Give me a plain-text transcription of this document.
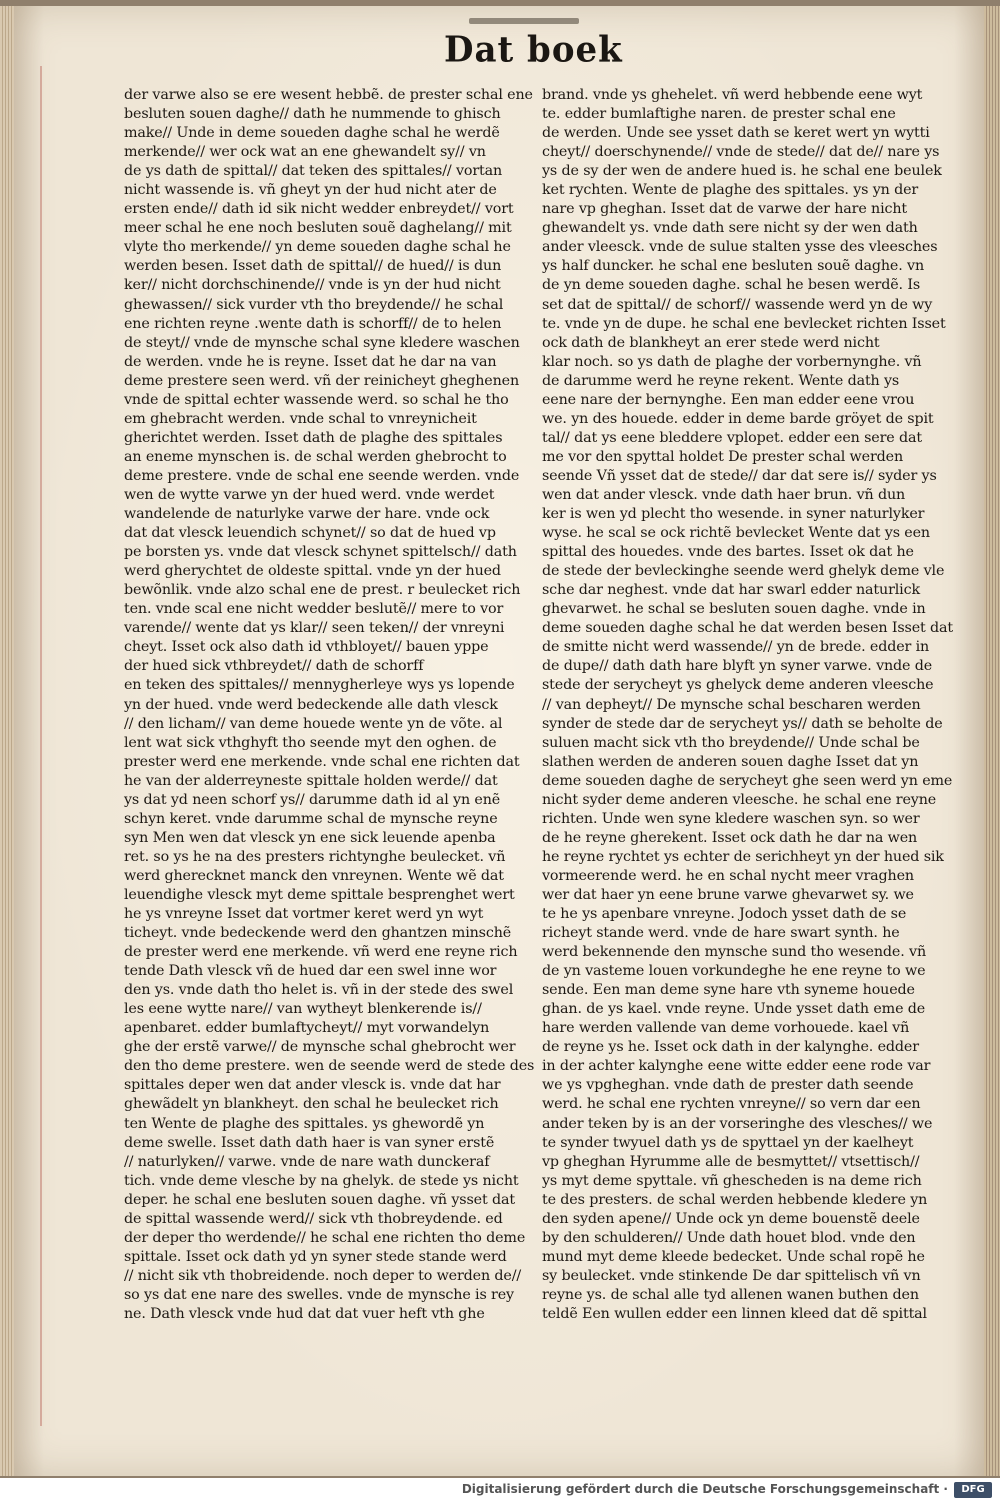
Dat boek
der varwe also se ere wesent hebbẽ. de prester schal ene
besluten souen daghe// dath he nummende to ghisch
make// Unde in deme soueden daghe schal he werdẽ
merkende// wer ock wat an ene ghewandelt sy// vn
de ys dath de spittal// dat teken des spittales// vortan
nicht wassende is. vñ gheyt yn der hud nicht ater de
ersten ende// dath id sik nicht wedder enbreydet// vort
meer schal he ene noch besluten souẽ daghelang// mit
vlyte tho merkende// yn deme soueden daghe schal he
werden besen. Isset dath de spittal// de hued// is dun
ker// nicht dorchschinende// vnde is yn der hud nicht
ghewassen// sick vurder vth tho breydende// he schal
ene richten reyne .wente dath is schorff// de to helen
de steyt// vnde de mynsche schal syne kledere waschen
de werden. vnde he is reyne. Isset dat he dar na van
deme prestere seen werd. vñ der reinicheyt gheghenen
vnde de spittal echter wassende werd. so schal he tho
em ghebracht werden. vnde schal to vnreynicheit
gherichtet werden. Isset dath de plaghe des spittales
an eneme mynschen is. de schal werden ghebrocht to
deme prestere. vnde de schal ene seende werden. vnde
wen de wytte varwe yn der hued werd. vnde werdet
wandelende de naturlyke varwe der hare. vnde ock
dat dat vlesck leuendich schynet// so dat de hued vp
pe borsten ys. vnde dat vlesck schynet spittelsch// dath
werd gherychtet de oldeste spittal. vnde yn der hued
bewõnlik. vnde alzo schal ene de prest. r beulecket rich
ten. vnde scal ene nicht wedder beslutẽ// mere to vor
varende// wente dat ys klar// seen teken// der vnreyni
cheyt. Isset ock also dath id vthbloyet// bauen yppe
der hued sick vthbreydet// dath de schorff
en teken des spittales// mennygherleye wys ys lopende
yn der hued. vnde werd bedeckende alle dath vlesck
// den licham// van deme houede wente yn de võte. al
lent wat sick vthghyft tho seende myt den oghen. de
prester werd ene merkende. vnde schal ene richten dat
he van der alderreyneste spittale holden werde// dat
ys dat yd neen schorf ys// darumme dath id al yn enẽ
schyn keret. vnde darumme schal de mynsche reyne
syn Men wen dat vlesck yn ene sick leuende apenba
ret. so ys he na des presters richtynghe beulecket. vñ
werd gherecknet manck den vnreynen. Wente wẽ dat
leuendighe vlesck myt deme spittale besprenghet wert
he ys vnreyne Isset dat vortmer keret werd yn wyt
ticheyt. vnde bedeckende werd den ghantzen minschẽ
de prester werd ene merkende. vñ werd ene reyne rich
tende Dath vlesck vñ de hued dar een swel inne wor
den ys. vnde dath tho helet is. vñ in der stede des swel
les eene wytte nare// van wytheyt blenkerende is//
apenbaret. edder bumlaftycheyt// myt vorwandelyn
ghe der erstẽ varwe// de mynsche schal ghebrocht wer
den tho deme prestere. wen de seende werd de stede des
spittales deper wen dat ander vlesck is. vnde dat har
ghewãdelt yn blankheyt. den schal he beulecket rich
ten Wente de plaghe des spittales. ys ghewordẽ yn
deme swelle. Isset dath dath haer is van syner erstẽ
// naturlyken// varwe. vnde de nare wath dunckeraf
tich. vnde deme vlesche by na ghelyk. de stede ys nicht
deper. he schal ene besluten souen daghe. vñ ysset dat
de spittal wassende werd// sick vth thobreydende. ed
der deper tho werdende// he schal ene richten tho deme
spittale. Isset ock dath yd yn syner stede stande werd
// nicht sik vth thobreidende. noch deper to werden de//
so ys dat ene nare des swelles. vnde de mynsche is rey
ne. Dath vlesck vnde hud dat dat vuer heft vth ghe
brand. vnde ys ghehelet. vñ werd hebbende eene wyt
te. edder bumlaftighe naren. de prester schal ene
de werden. Unde see ysset dath se keret wert yn wytti
cheyt// doerschynende// vnde de stede// dat de// nare ys
ys de sy der wen de andere hued is. he schal ene beulek
ket rychten. Wente de plaghe des spittales. ys yn der
nare vp gheghan. Isset dat de varwe der hare nicht
ghewandelt ys. vnde dath sere nicht sy der wen dath
ander vleesck. vnde de sulue stalten ysse des vleesches
ys half duncker. he schal ene besluten souẽ daghe. vn
de yn deme soueden daghe. schal he besen werdẽ. Is
set dat de spittal// de schorf// wassende werd yn de wy
te. vnde yn de dupe. he schal ene bevlecket richten Isset
ock dath de blankheyt an erer stede werd nicht
klar noch. so ys dath de plaghe der vorbernynghe. vñ
de darumme werd he reyne rekent. Wente dath ys
eene nare der bernynghe. Een man edder eene vrou
we. yn des houede. edder in deme barde gröyet de spit
tal// dat ys eene bleddere vplopet. edder een sere dat
me vor den spyttal holdet De prester schal werden
seende Vñ ysset dat de stede// dar dat sere is// syder ys
wen dat ander vlesck. vnde dath haer brun. vñ dun
ker is wen yd plecht tho wesende. in syner naturlyker
wyse. he scal se ock richtẽ bevlecket Wente dat ys een
spittal des houedes. vnde des bartes. Isset ok dat he
de stede der bevleckinghe seende werd ghelyk deme vle
sche dar neghest. vnde dat har swarl edder naturlick
ghevarwet. he schal se besluten souen daghe. vnde in
deme soueden daghe schal he dat werden besen Isset dat
de smitte nicht werd wassende// yn de brede. edder in
de dupe// dath dath hare blyft yn syner varwe. vnde de
stede der serycheyt ys ghelyck deme anderen vleesche
// van depheyt// De mynsche schal bescharen werden
synder de stede dar de serycheyt ys// dath se beholte de
suluen macht sick vth tho breydende// Unde schal be
slathen werden de anderen souen daghe Isset dat yn
deme soueden daghe de serycheyt ghe seen werd yn eme
nicht syder deme anderen vleesche. he schal ene reyne
richten. Unde wen syne kledere waschen syn. so wer
de he reyne gherekent. Isset ock dath he dar na wen
he reyne rychtet ys echter de serichheyt yn der hued sik
vormeerende werd. he en schal nycht meer vraghen
wer dat haer yn eene brune varwe ghevarwet sy. we
te he ys apenbare vnreyne. Jodoch ysset dath de se
richeyt stande werd. vnde de hare swart synth. he
werd bekennende den mynsche sund tho wesende. vñ
de yn vasteme louen vorkundeghe he ene reyne to we
sende. Een man deme syne hare vth syneme houede
ghan. de ys kael. vnde reyne. Unde ysset dath eme de
hare werden vallende van deme vorhouede. kael vñ
de reyne ys he. Isset ock dath in der kalynghe. edder
in der achter kalynghe eene witte edder eene rode var
we ys vpgheghan. vnde dath de prester dath seende
werd. he schal ene rychten vnreyne// so vern dar een
ander teken by is an der vorseringhe des vlesches// we
te synder twyuel dath ys de spyttael yn der kaelheyt
vp gheghan Hyrumme alle de besmyttet// vtsettisch//
ys myt deme spyttale. vñ ghescheden is na deme rich
te des presters. de schal werden hebbende kledere yn
den syden apene// Unde ock yn deme bouenstẽ deele
by den schulderen// Unde dath houet blod. vnde den
mund myt deme kleede bedecket. Unde schal ropẽ he
sy beulecket. vnde stinkende De dar spittelisch vñ vn
reyne ys. de schal alle tyd allenen wanen buthen den
teldẽ Een wullen edder een linnen kleed dat dẽ spittal
Digitalisierung gefördert durch die Deutsche Forschungsgemeinschaft ·	DFG
